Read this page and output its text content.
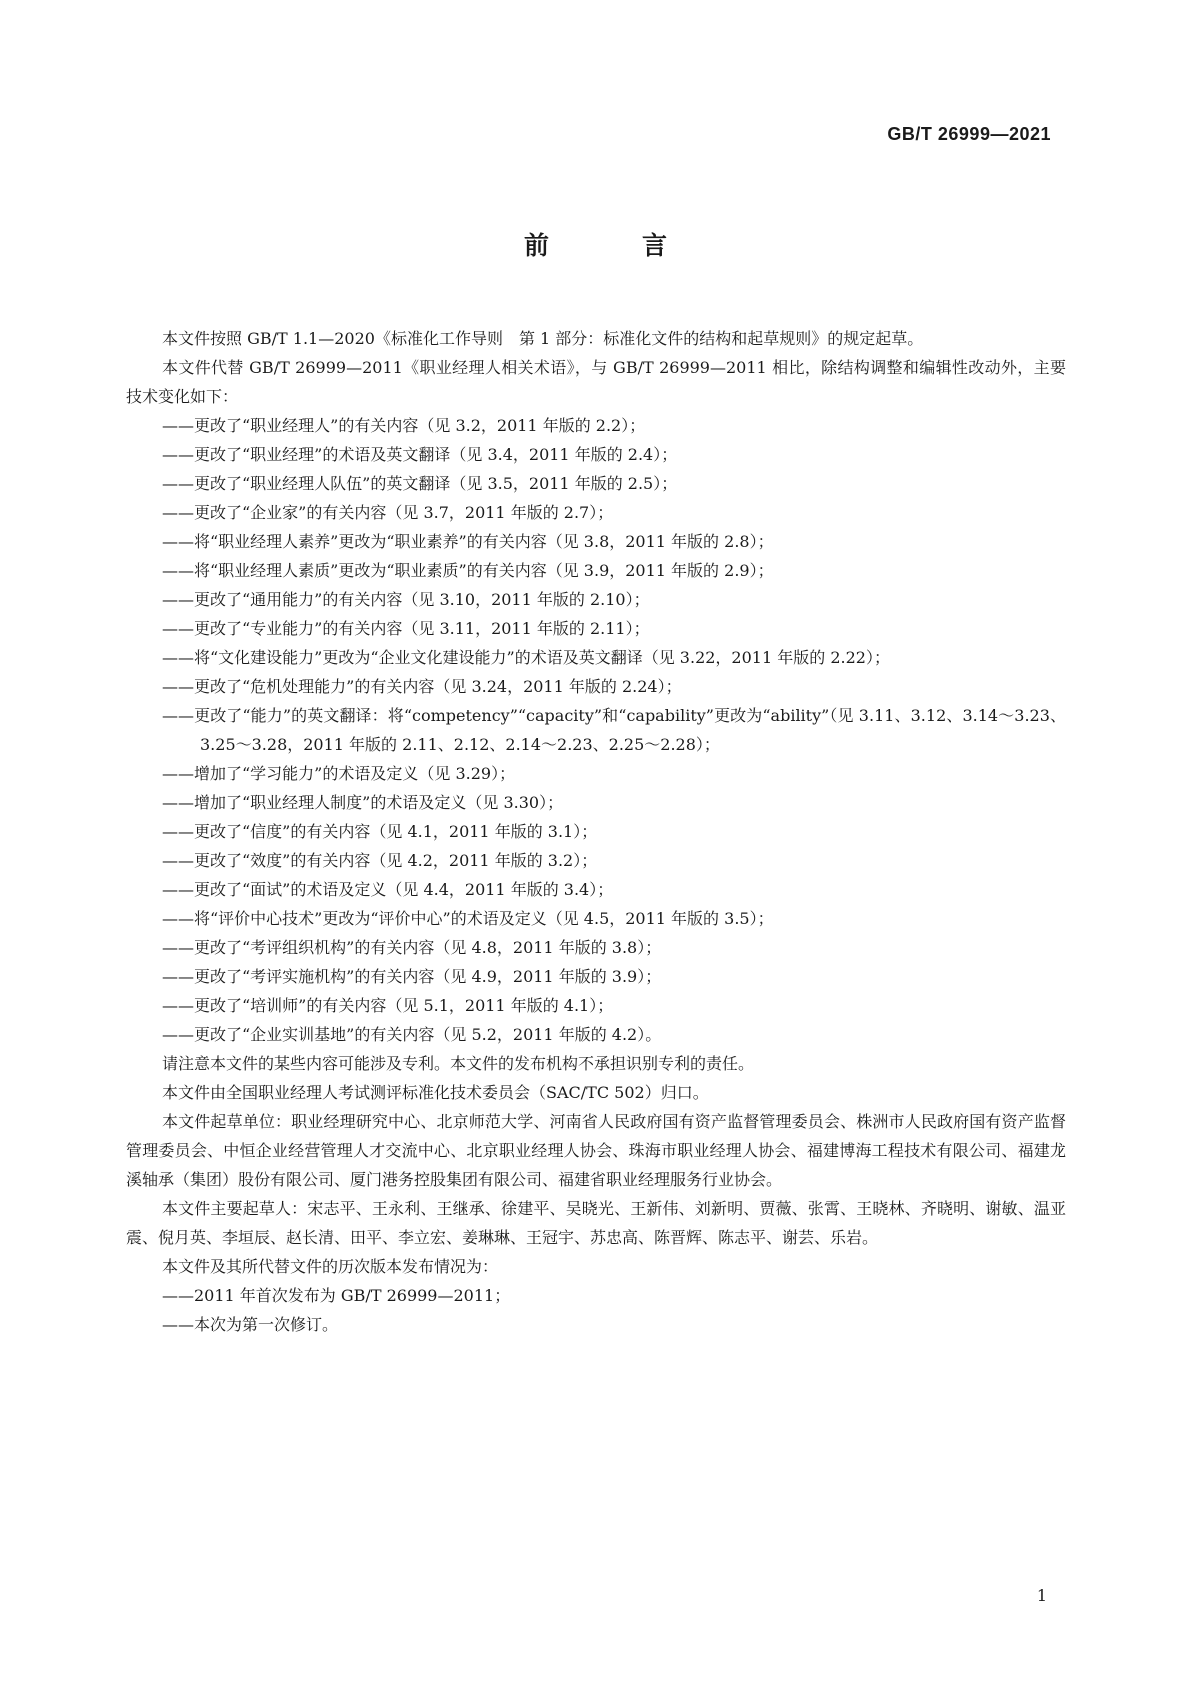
GB/T 26999—2021
前　言

本文件按照 GB/T 1.1—2020《标准化工作导则　第 1 部分：标准化文件的结构和起草规则》的规定起草。

本文件代替 GB/T 26999—2011《职业经理人相关术语》，与 GB/T 26999—2011 相比，除结构调整和编辑性改动外，主要技术变化如下：

——更改了“职业经理人”的有关内容（见 3.2，2011 年版的 2.2）；

——更改了“职业经理”的术语及英文翻译（见 3.4，2011 年版的 2.4）；

——更改了“职业经理人队伍”的英文翻译（见 3.5，2011 年版的 2.5）；

——更改了“企业家”的有关内容（见 3.7，2011 年版的 2.7）；

——将“职业经理人素养”更改为“职业素养”的有关内容（见 3.8，2011 年版的 2.8）；

——将“职业经理人素质”更改为“职业素质”的有关内容（见 3.9，2011 年版的 2.9）；

——更改了“通用能力”的有关内容（见 3.10，2011 年版的 2.10）；

——更改了“专业能力”的有关内容（见 3.11，2011 年版的 2.11）；

——将“文化建设能力”更改为“企业文化建设能力”的术语及英文翻译（见 3.22，2011 年版的 2.22）；

——更改了“危机处理能力”的有关内容（见 3.24，2011 年版的 2.24）；

——更改了“能力”的英文翻译：将“competency”“capacity”和“capability”更改为“ability”（见 3.11、3.12、3.14～3.23、3.25～3.28，2011 年版的 2.11、2.12、2.14～2.23、2.25～2.28）；

——增加了“学习能力”的术语及定义（见 3.29）；

——增加了“职业经理人制度”的术语及定义（见 3.30）；

——更改了“信度”的有关内容（见 4.1，2011 年版的 3.1）；

——更改了“效度”的有关内容（见 4.2，2011 年版的 3.2）；

——更改了“面试”的术语及定义（见 4.4，2011 年版的 3.4）；

——将“评价中心技术”更改为“评价中心”的术语及定义（见 4.5，2011 年版的 3.5）；

——更改了“考评组织机构”的有关内容（见 4.8，2011 年版的 3.8）；

——更改了“考评实施机构”的有关内容（见 4.9，2011 年版的 3.9）；

——更改了“培训师”的有关内容（见 5.1，2011 年版的 4.1）；

——更改了“企业实训基地”的有关内容（见 5.2，2011 年版的 4.2）。

请注意本文件的某些内容可能涉及专利。本文件的发布机构不承担识别专利的责任。

本文件由全国职业经理人考试测评标准化技术委员会（SAC/TC 502）归口。

本文件起草单位：职业经理研究中心、北京师范大学、河南省人民政府国有资产监督管理委员会、株洲市人民政府国有资产监督管理委员会、中恒企业经营管理人才交流中心、北京职业经理人协会、珠海市职业经理人协会、福建博海工程技术有限公司、福建龙溪轴承（集团）股份有限公司、厦门港务控股集团有限公司、福建省职业经理服务行业协会。

本文件主要起草人：宋志平、王永利、王继承、徐建平、吴晓光、王新伟、刘新明、贾薇、张霄、王晓林、齐晓明、谢敏、温亚震、倪月英、李垣辰、赵长清、田平、李立宏、姜琳琳、王冠宇、苏忠高、陈晋辉、陈志平、谢芸、乐岩。

本文件及其所代替文件的历次版本发布情况为：

——2011 年首次发布为 GB/T 26999—2011；

——本次为第一次修订。

1
